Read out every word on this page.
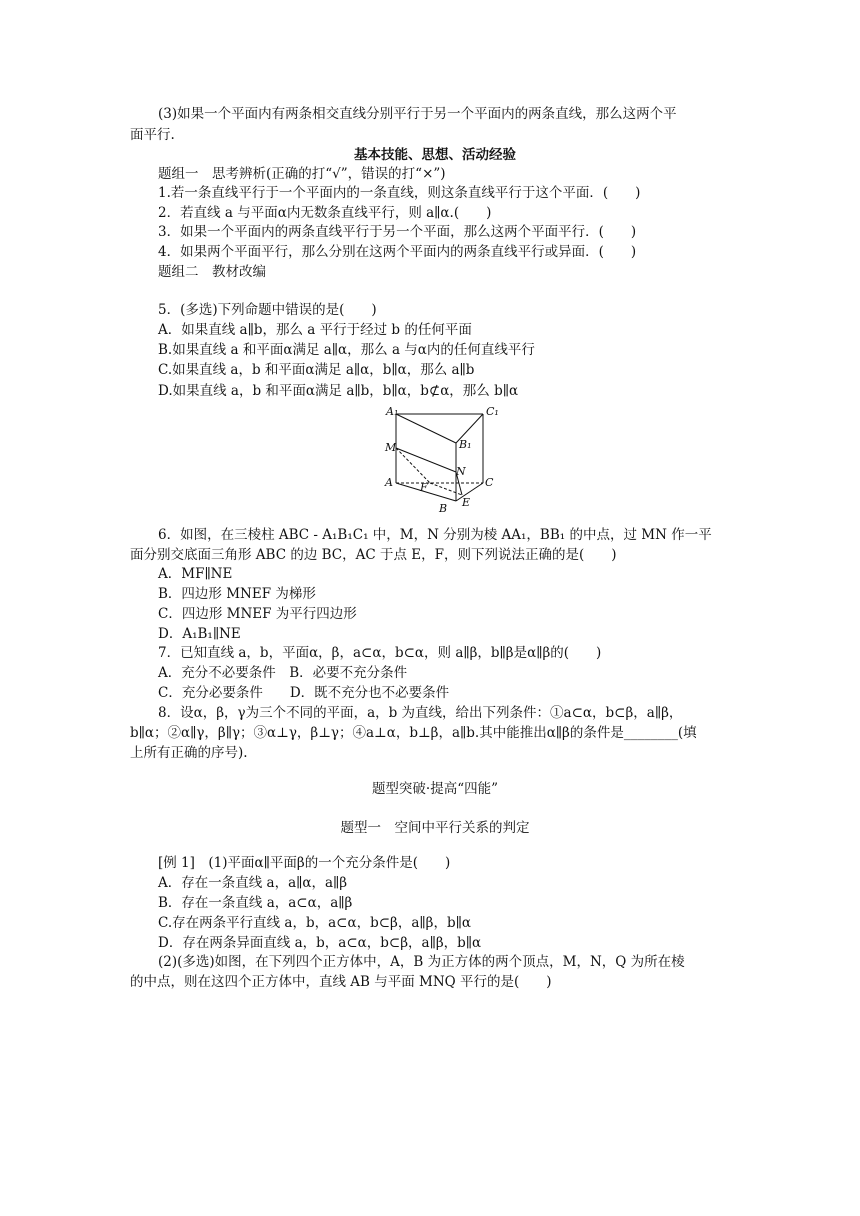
(3)如果一个平面内有两条相交直线分别平行于另一个平面内的两条直线，那么这两个平
面平行.
基本技能、思想、活动经验
题组一　思考辨析(正确的打“√”，错误的打“×”)
1.若一条直线平行于一个平面内的一条直线，则这条直线平行于这个平面．(　　)
2．若直线 a 与平面α内无数条直线平行，则 a∥α.(　　)
3．如果一个平面内的两条直线平行于另一个平面，那么这两个平面平行．(　　)
4．如果两个平面平行，那么分别在这两个平面内的两条直线平行或异面．(　　)
题组二　教材改编
5．(多选)下列命题中错误的是(　　)
A．如果直线 a∥b，那么 a 平行于经过 b 的任何平面
B.如果直线 a 和平面α满足 a∥α，那么 a 与α内的任何直线平行
C.如果直线 a，b 和平面α满足 a∥α，b∥α，那么 a∥b
D.如果直线 a，b 和平面α满足 a∥b，b∥α，b⊄α，那么 b∥α
A₁	C₁
B₁
M
N
A	C
F
B E
6．如图，在三棱柱 ABC - A₁B₁C₁ 中，M，N 分别为棱 AA₁，BB₁ 的中点，过 MN 作一平
面分别交底面三角形 ABC 的边 BC，AC 于点 E，F，则下列说法正确的是(　　)
A．MF∥NE
B．四边形 MNEF 为梯形
C．四边形 MNEF 为平行四边形
D．A₁B₁∥NE
7．已知直线 a，b，平面α，β，a⊂α，b⊂α，则 a∥β，b∥β是α∥β的(　　)
A．充分不必要条件　B．必要不充分条件
C．充分必要条件　　D．既不充分也不必要条件
8．设α，β，γ为三个不同的平面，a，b 为直线，给出下列条件：①a⊂α，b⊂β，a∥β，
b∥α；②α∥γ，β∥γ；③α⊥γ，β⊥γ；④a⊥α，b⊥β，a∥b.其中能推出α∥β的条件是________(填
上所有正确的序号).
题型突破·提高“四能”
题型一　空间中平行关系的判定
[例 1]　(1)平面α∥平面β的一个充分条件是(　　)
A．存在一条直线 a，a∥α，a∥β
B．存在一条直线 a，a⊂α，a∥β
C.存在两条平行直线 a，b，a⊂α，b⊂β，a∥β，b∥α
D．存在两条异面直线 a，b，a⊂α，b⊂β，a∥β，b∥α
(2)(多选)如图，在下列四个正方体中，A，B 为正方体的两个顶点，M，N，Q 为所在棱
的中点，则在这四个正方体中，直线 AB 与平面 MNQ 平行的是(　　)
